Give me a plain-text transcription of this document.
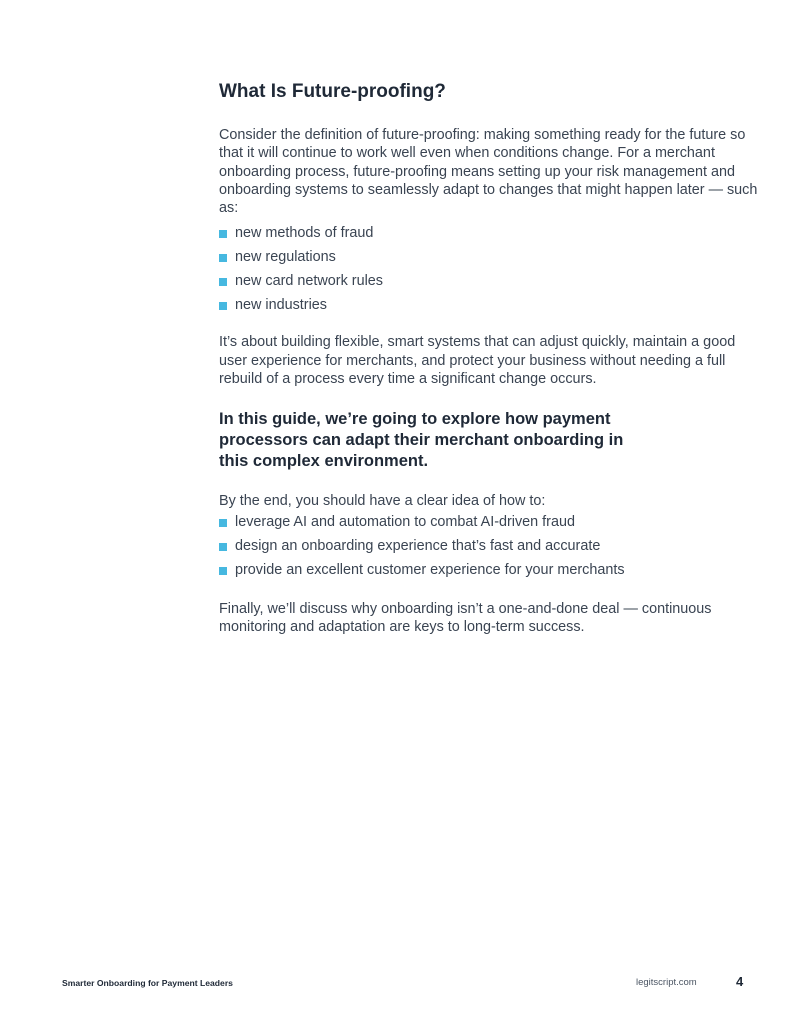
What Is Future-proofing?

Consider the definition of future-proofing: making something ready for the future so that it will continue to work well even when conditions change. For a merchant onboarding process, future-proofing means setting up your risk management and onboarding systems to seamlessly adapt to changes that might happen later — such as:

new methods of fraud
new regulations
new card network rules
new industries

It’s about building flexible, smart systems that can adjust quickly, maintain a good user experience for merchants, and protect your business without needing a full rebuild of a process every time a significant change occurs.

In this guide, we’re going to explore how payment processors can adapt their merchant onboarding in this complex environment.

By the end, you should have a clear idea of how to:

leverage AI and automation to combat AI-driven fraud
design an onboarding experience that’s fast and accurate
provide an excellent customer experience for your merchants

Finally, we’ll discuss why onboarding isn’t a one-and-done deal — continuous monitoring and adaptation are keys to long-term success.

Smarter Onboarding for Payment Leaders	legitscript.com	4
